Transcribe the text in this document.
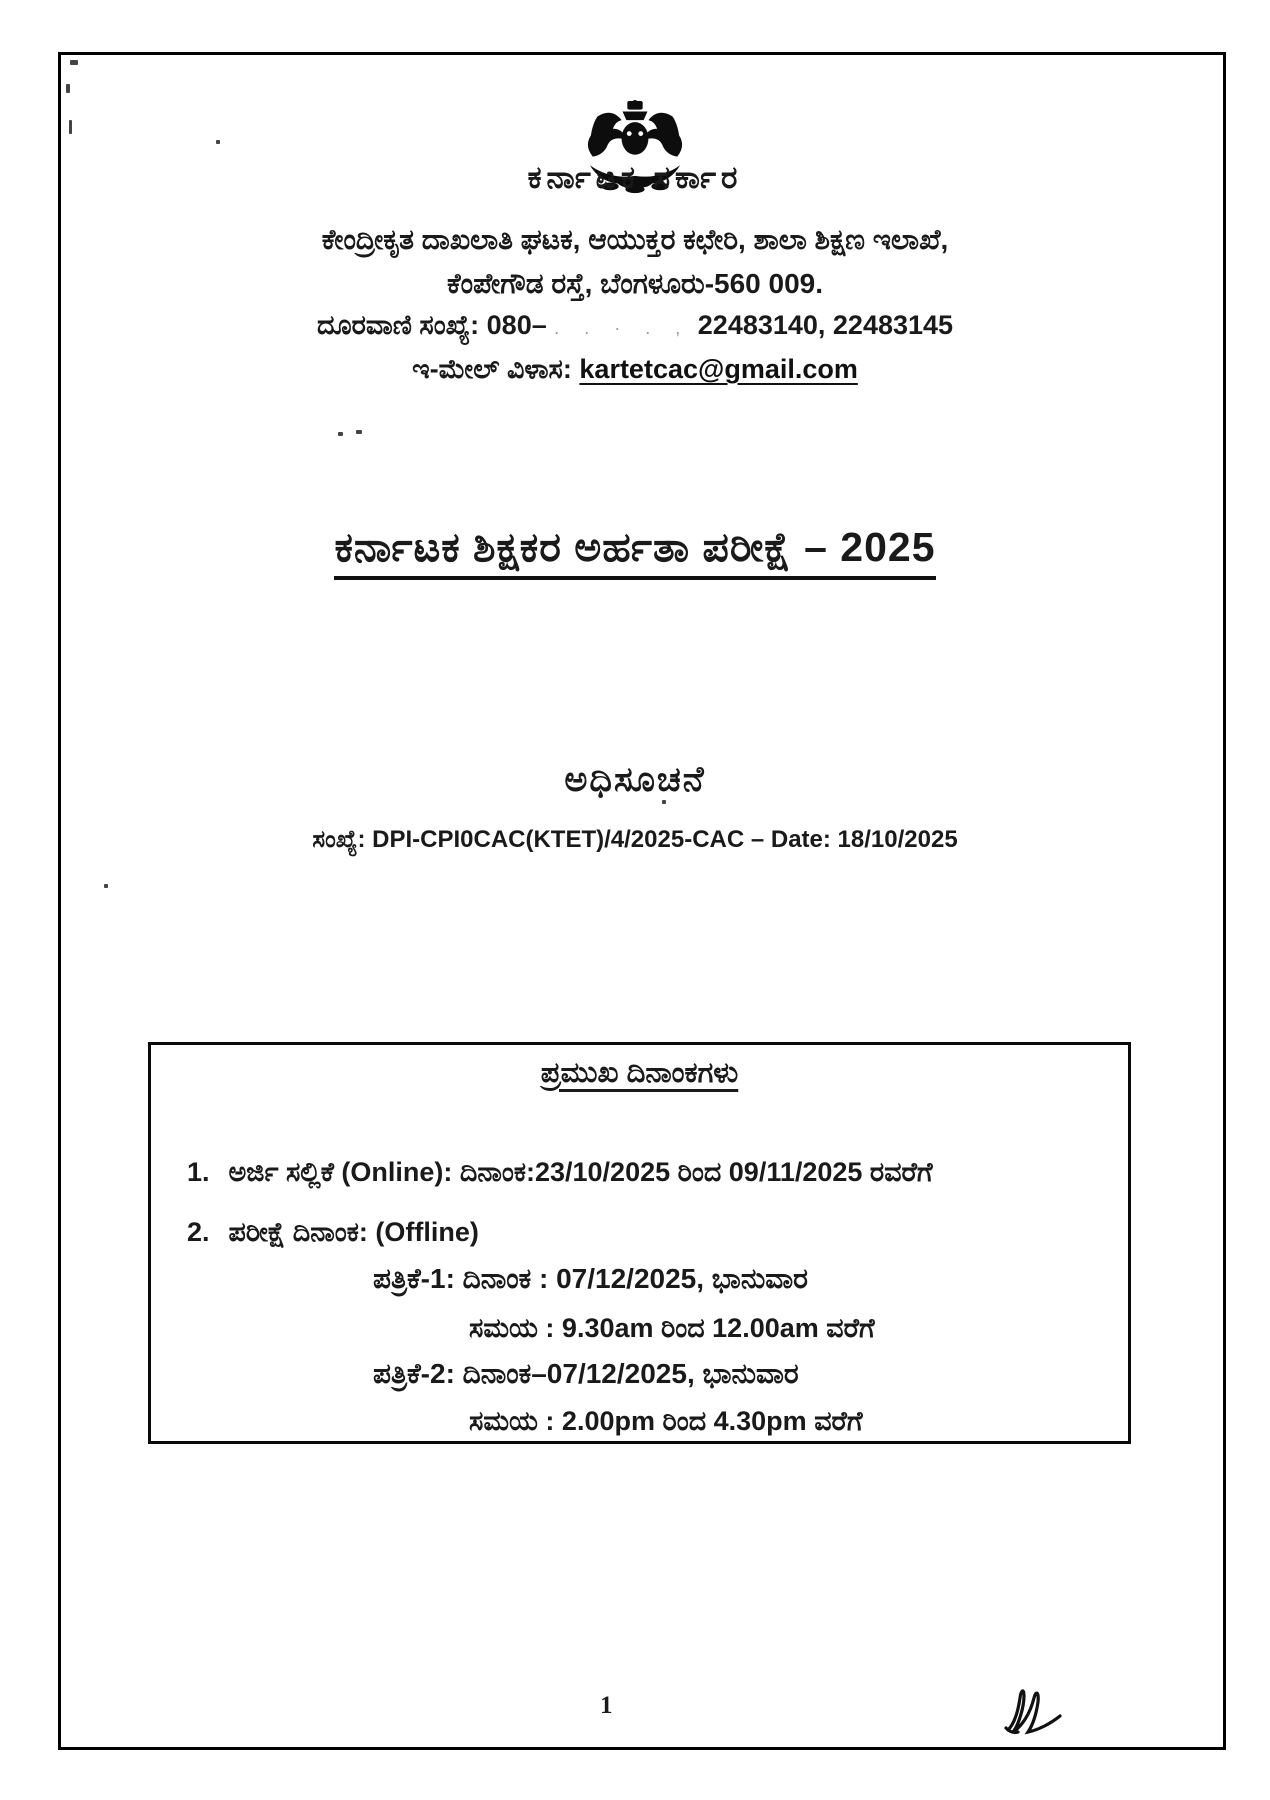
ಕರ್ನಾಟಕ ಸರ್ಕಾರ
ಕೇಂದ್ರೀಕೃತ ದಾಖಲಾತಿ ಘಟಕ, ಆಯುಕ್ತರ ಕಛೇರಿ, ಶಾಲಾ ಶಿಕ್ಷಣ ಇಲಾಖೆ,
ಕೆಂಪೇಗೌಡ ರಸ್ತೆ, ಬೆಂಗಳೂರು-560 009.
ದೂರವಾಣಿ ಸಂಖ್ಯೆ: 080– . . · . , 22483140, 22483145
ಇ-ಮೇಲ್ ವಿಳಾಸ: kartetcac@gmail.com
ಕರ್ನಾಟಕ ಶಿಕ್ಷಕರ ಅರ್ಹತಾ ಪರೀಕ್ಷೆ – 2025
ಅಧಿಸೂಚನೆ
ಸಂಖ್ಯೆ: DPI-CPI0CAC(KTET)/4/2025-CAC – Date: 18/10/2025
ಪ್ರಮುಖ ದಿನಾಂಕಗಳು
1. ಅರ್ಜಿ ಸಲ್ಲಿಕೆ (Online): ದಿನಾಂಕ:23/10/2025 ರಿಂದ 09/11/2025 ರವರೆಗೆ
2. ಪರೀಕ್ಷೆ ದಿನಾಂಕ: (Offline)
ಪತ್ರಿಕೆ-1: ದಿನಾಂಕ : 07/12/2025, ಭಾನುವಾರ
ಸಮಯ : 9.30am ರಿಂದ 12.00am ವರೆಗೆ
ಪತ್ರಿಕೆ-2: ದಿನಾಂಕ–07/12/2025, ಭಾನುವಾರ
ಸಮಯ : 2.00pm ರಿಂದ 4.30pm ವರೆಗೆ
1
